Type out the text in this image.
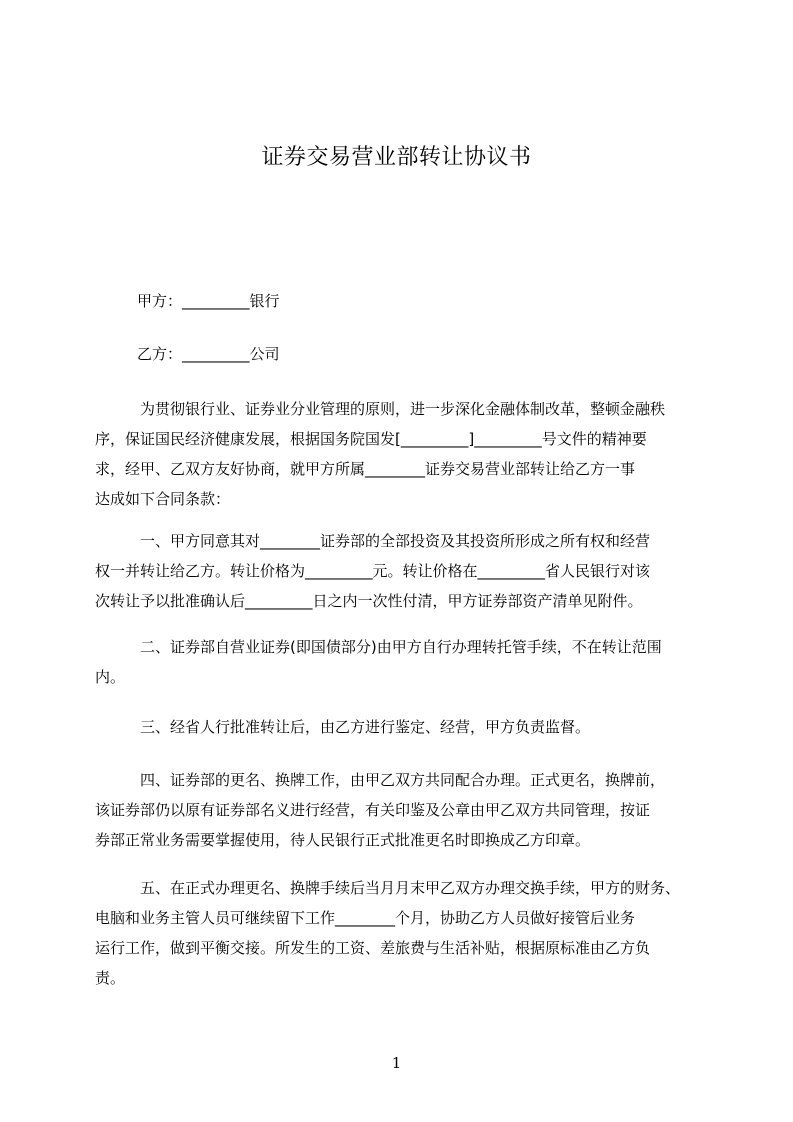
证券交易营业部转让协议书
甲方：_________银行
乙方：_________公司
为贯彻银行业、证券业分业管理的原则，进一步深化金融体制改革，整顿金融秩
序，保证国民经济健康发展，根据国务院国发[_________]_________号文件的精神要
求，经甲、乙双方友好协商，就甲方所属________证券交易营业部转让给乙方一事
达成如下合同条款：
一、甲方同意其对________证券部的全部投资及其投资所形成之所有权和经营
权一并转让给乙方。转让价格为_________元。转让价格在_________省人民银行对该
次转让予以批准确认后_________日之内一次性付清，甲方证券部资产清单见附件。
二、证券部自营业证券(即国债部分)由甲方自行办理转托管手续，不在转让范围
内。
三、经省人行批准转让后，由乙方进行鉴定、经营，甲方负责监督。
四、证券部的更名、换牌工作，由甲乙双方共同配合办理。正式更名，换牌前，
该证券部仍以原有证券部名义进行经营，有关印鉴及公章由甲乙双方共同管理，按证
券部正常业务需要掌握使用，待人民银行正式批准更名时即换成乙方印章。
五、在正式办理更名、换牌手续后当月月末甲乙双方办理交换手续，甲方的财务、
电脑和业务主管人员可继续留下工作________个月，协助乙方人员做好接管后业务
运行工作，做到平衡交接。所发生的工资、差旅费与生活补贴，根据原标准由乙方负
责。
1
